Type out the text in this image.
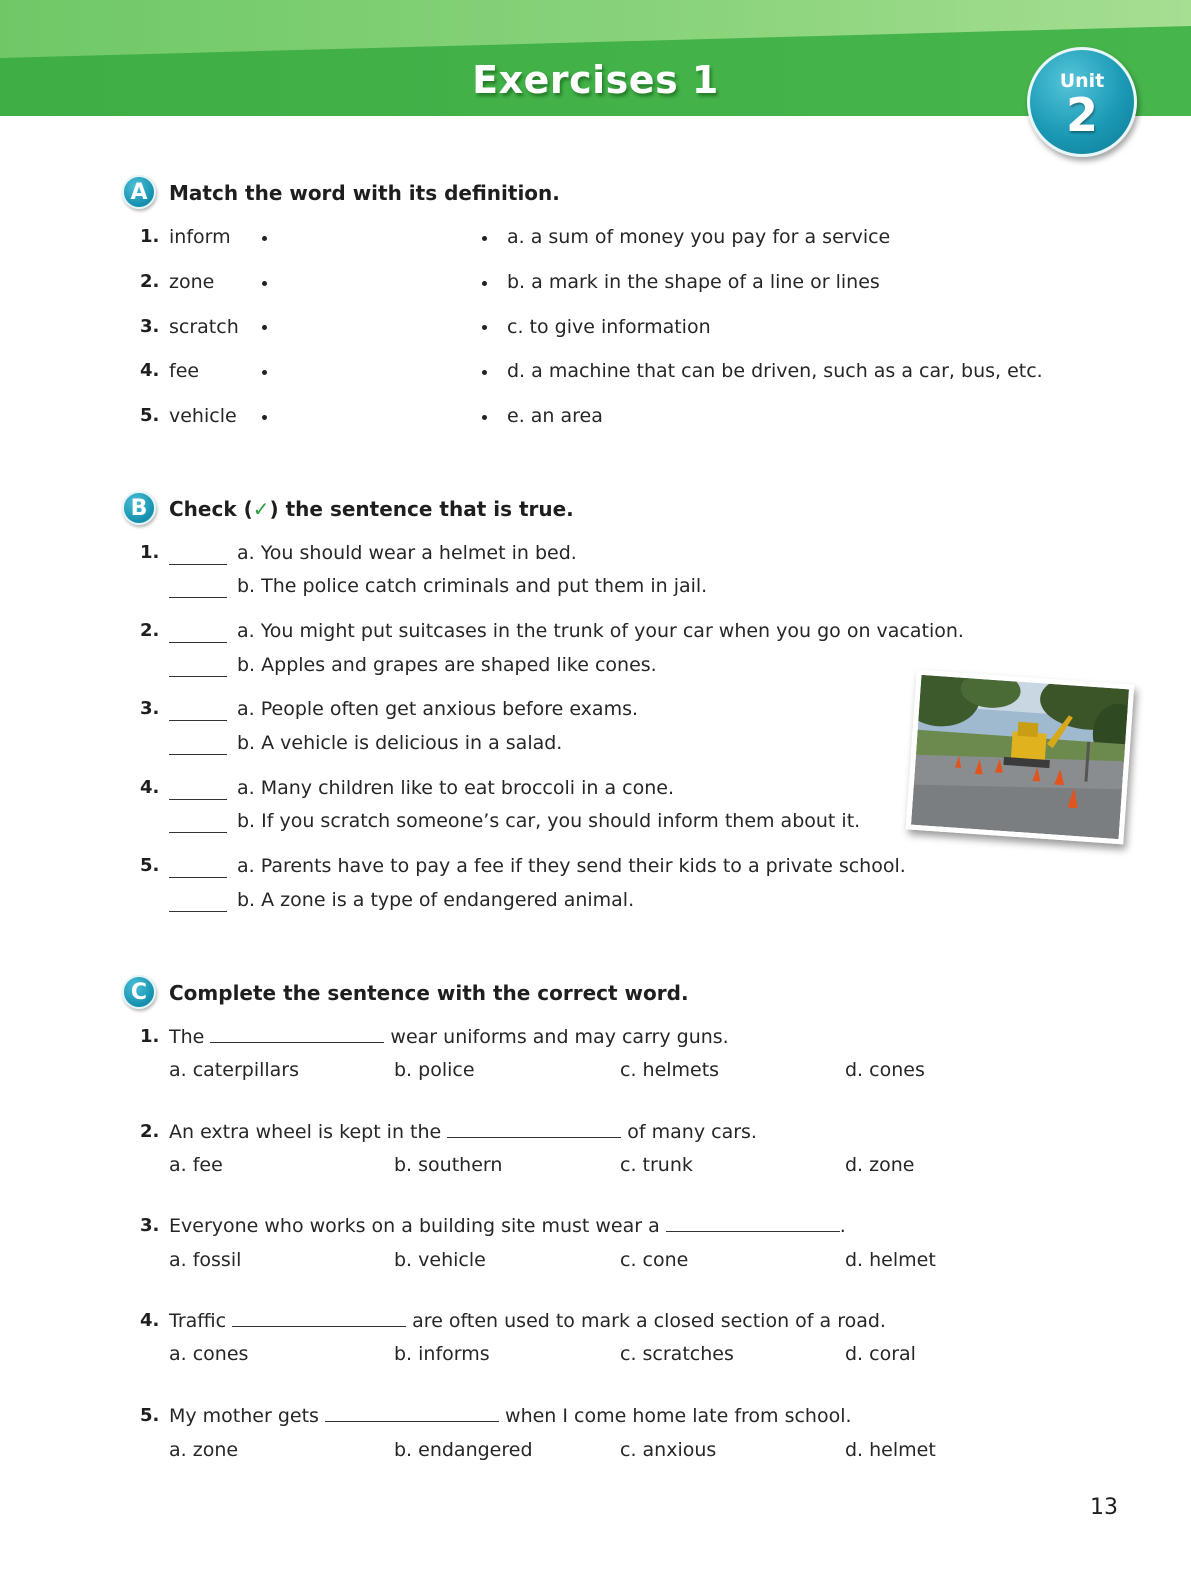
Exercises 1	Unit
2
A	Match the word with its definition.
1. inform	a. a sum of money you pay for a service
2. zone	b. a mark in the shape of a line or lines
3. scratch	c. to give information
4. fee	d. a machine that can be driven, such as a car, bus, etc.
5. vehicle	e. an area
B	Check (✓) the sentence that is true.
1.	a. You should wear a helmet in bed.
b. The police catch criminals and put them in jail.
2.	a. You might put suitcases in the trunk of your car when you go on vacation.
b. Apples and grapes are shaped like cones.
3.	a. People often get anxious before exams.
b. A vehicle is delicious in a salad.
4.	a. Many children like to eat broccoli in a cone.
b. If you scratch someone’s car, you should inform them about it.
5.	a. Parents have to pay a fee if they send their kids to a private school.
b. A zone is a type of endangered animal.
C	Complete the sentence with the correct word.
1. The	wear uniforms and may carry guns.
a. caterpillars	b. police	c. helmets	d. cones
2. An extra wheel is kept in the	of many cars.
a. fee	b. southern	c. trunk	d. zone
3. Everyone who works on a building site must wear a	.
a. fossil	b. vehicle	c. cone	d. helmet
4. Traffic	are often used to mark a closed section of a road.
a. cones	b. informs	c. scratches	d. coral
5. My mother gets	when I come home late from school.
a. zone	b. endangered	c. anxious	d. helmet
13
